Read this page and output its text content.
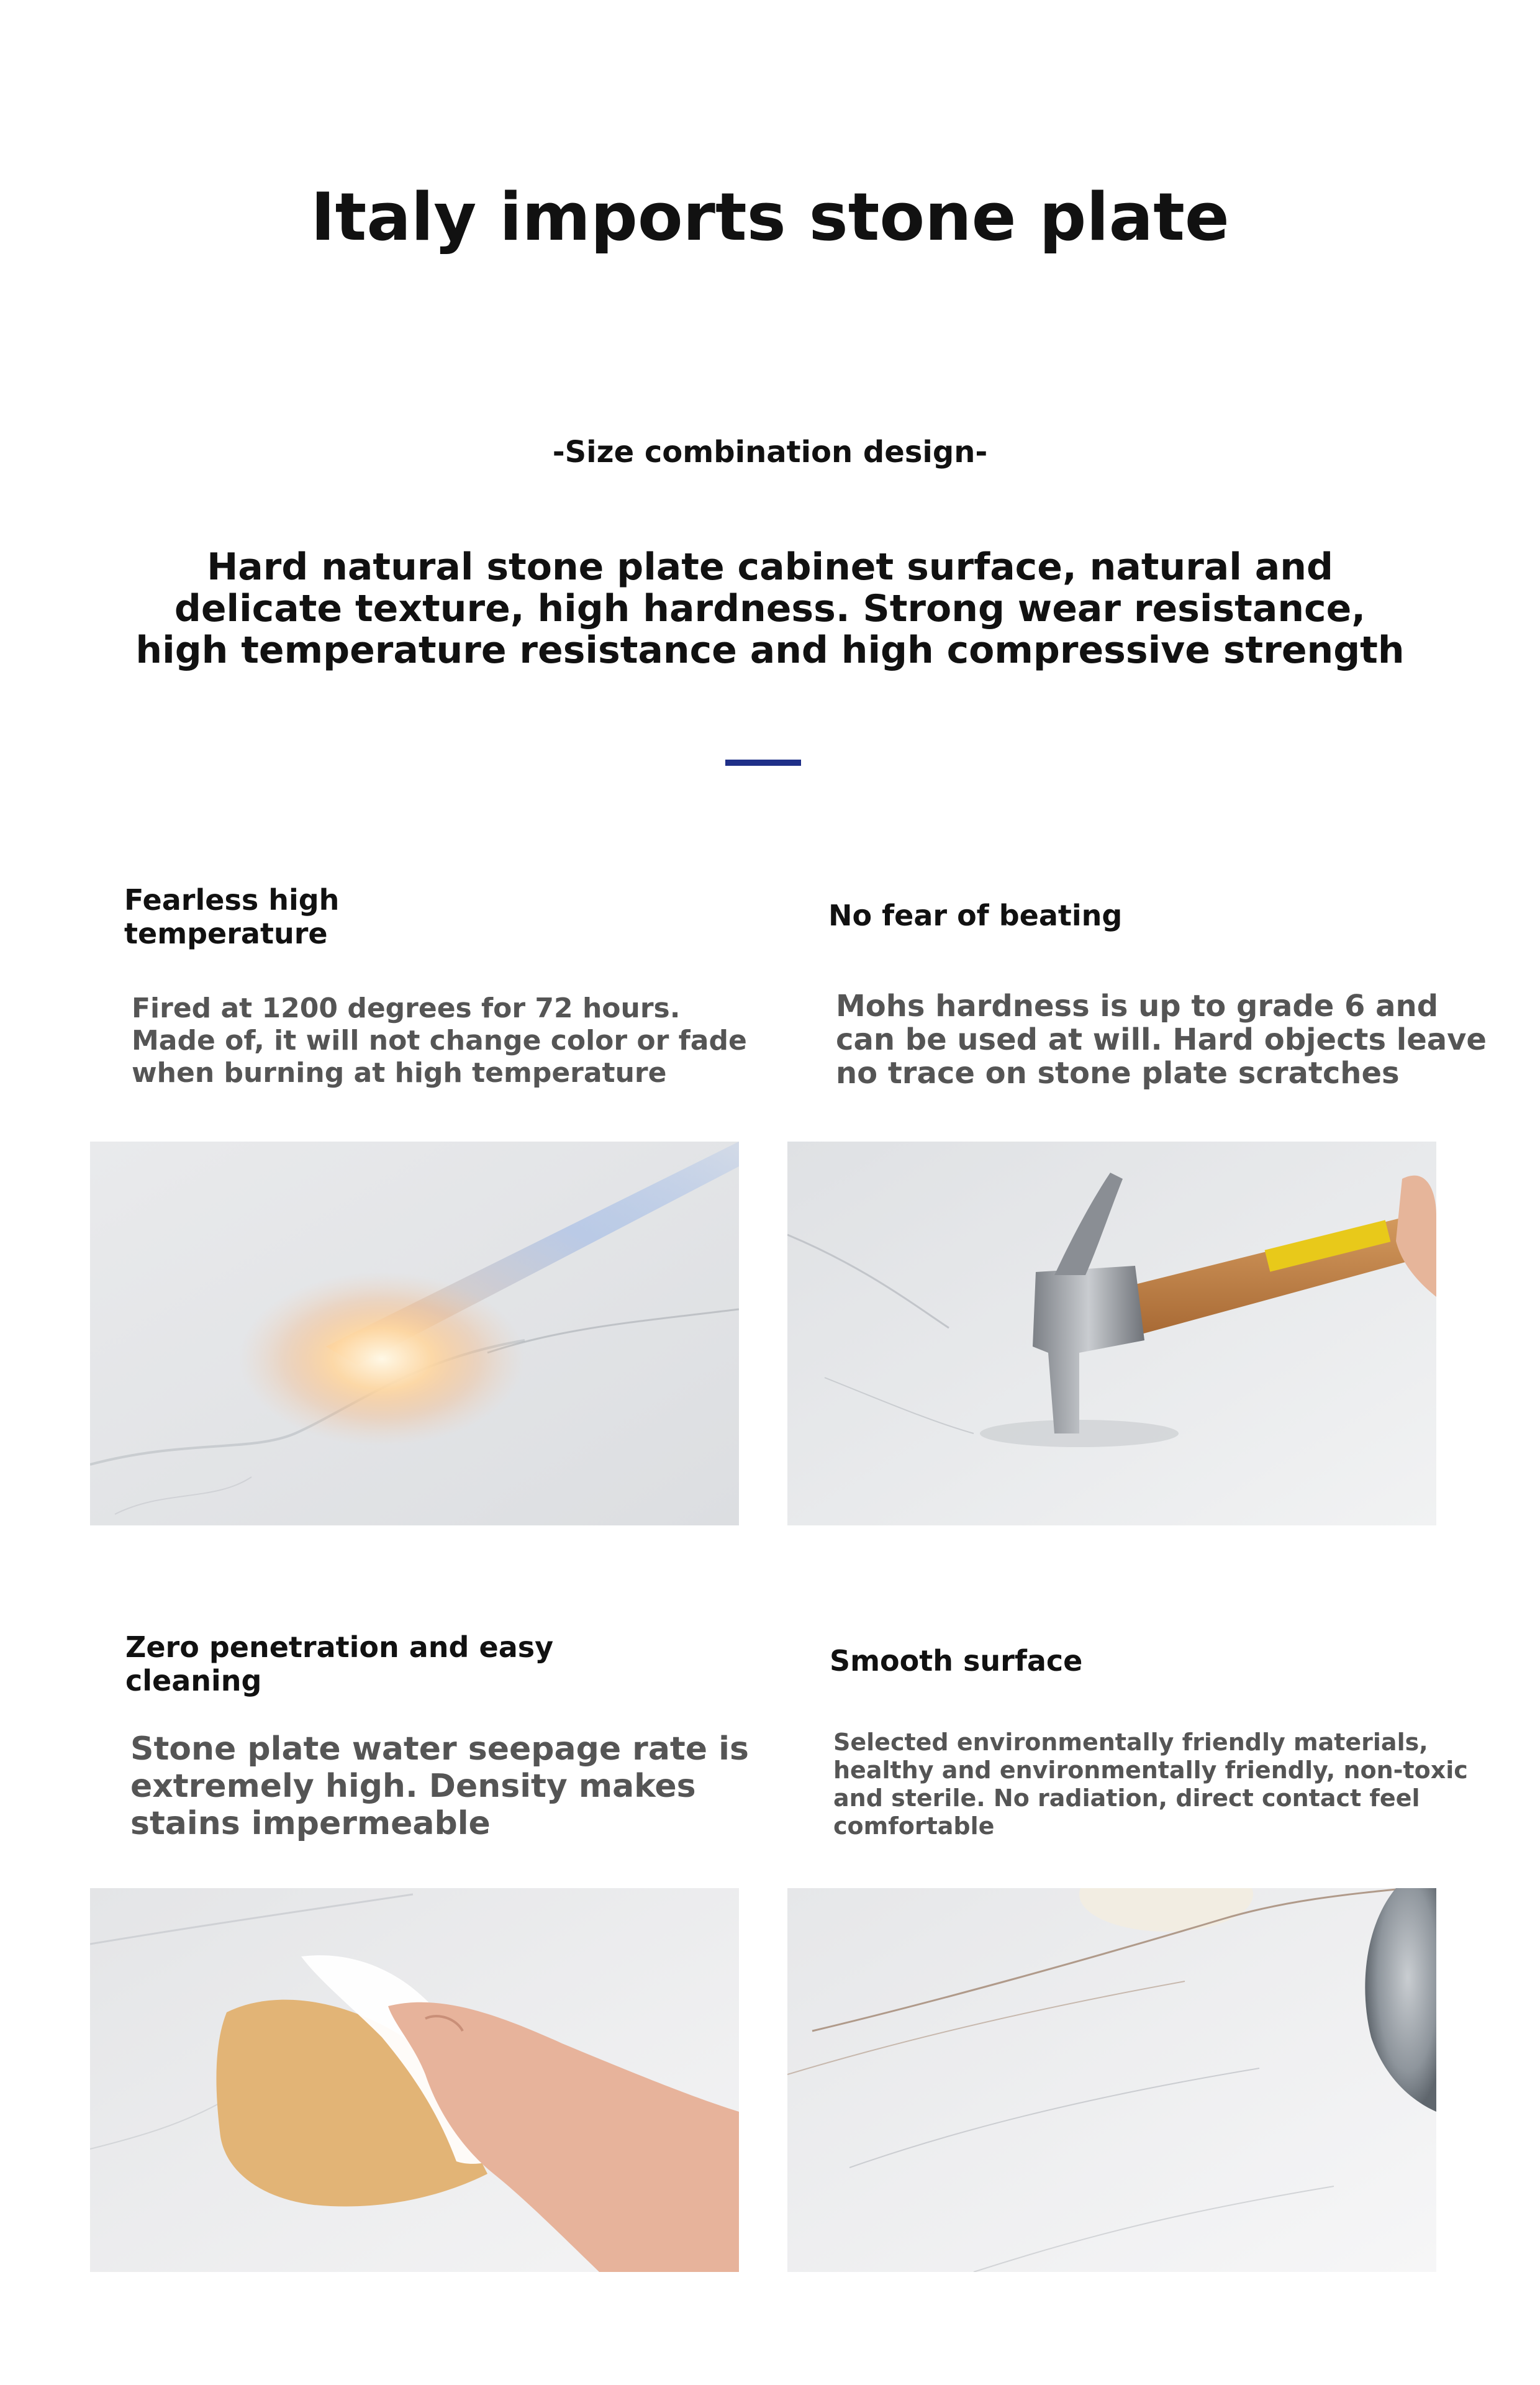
Italy imports stone plate
-Size combination design-
Hard natural stone plate cabinet surface, natural and
delicate texture, high hardness. Strong wear resistance,
high temperature resistance and high compressive strength
Fearless high
temperature
Fired at 1200 degrees for 72 hours.
Made of, it will not change color or fade
when burning at high temperature
No fear of beating
Mohs hardness is up to grade 6 and
can be used at will. Hard objects leave
no trace on stone plate scratches
Zero penetration and easy
cleaning
Stone plate water seepage rate is
extremely high. Density makes
stains impermeable
Smooth surface
Selected environmentally friendly materials,
healthy and environmentally friendly, non-toxic
and sterile. No radiation, direct contact feel
comfortable
